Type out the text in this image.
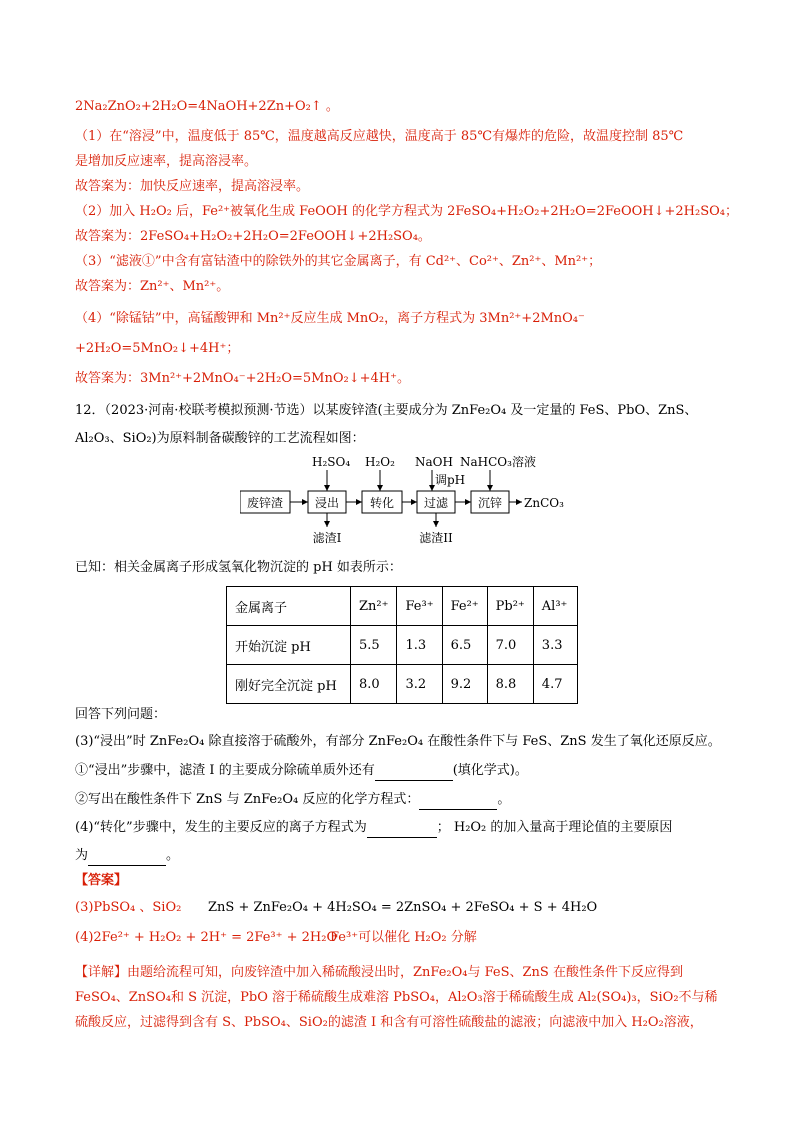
2Na₂ZnO₂+2H₂O=4NaOH+2Zn+O₂↑ 。
（1）在“溶浸”中，温度低于 85℃，温度越高反应越快，温度高于 85℃有爆炸的危险，故温度控制 85℃
是增加反应速率，提高溶浸率。
故答案为：加快反应速率，提高溶浸率。
（2）加入 H₂O₂ 后，Fe²⁺被氧化生成 FeOOH 的化学方程式为 2FeSO₄+H₂O₂+2H₂O=2FeOOH↓+2H₂SO₄；
故答案为：2FeSO₄+H₂O₂+2H₂O=2FeOOH↓+2H₂SO₄。
（3）“滤液①”中含有富钴渣中的除铁外的其它金属离子，有 Cd²⁺、Co²⁺、Zn²⁺、Mn²⁺；
故答案为：Zn²⁺、Mn²⁺。
（4）“除锰钴”中，高锰酸钾和 Mn²⁺反应生成 MnO₂，离子方程式为 3Mn²⁺+2MnO₄⁻
+2H₂O=5MnO₂↓+4H⁺；
故答案为：3Mn²⁺+2MnO₄⁻+2H₂O=5MnO₂↓+4H⁺。
12．（2023·河南·校联考模拟预测·节选）以某废锌渣(主要成分为 ZnFe₂O₄ 及一定量的 FeS、PbO、ZnS、
Al₂O₃、SiO₂)为原料制备碳酸锌的工艺流程如图：
H₂SO₄ H₂O₂ NaOH NaHCO₃溶液
调pH
废锌渣	浸出	转化 过滤 沉锌
滤渣I	滤渣II
ZnCO₃
已知：相关金属离子形成氢氧化物沉淀的 pH 如表所示：
金属离子	Zn²⁺	Fe³⁺	Fe²⁺	Pb²⁺	Al³⁺
开始沉淀 pH	5.5	1.3	6.5	7.0	3.3
刚好完全沉淀 pH	8.0	3.2	9.2	8.8	4.7
回答下列问题：
(3)“浸出”时 ZnFe₂O₄ 除直接溶于硫酸外，有部分 ZnFe₂O₄ 在酸性条件下与 FeS、ZnS 发生了氧化还原反应。
①“浸出”步骤中，滤渣 I 的主要成分除硫单质外还有	(填化学式)。
②写出在酸性条件下 ZnS 与 ZnFe₂O₄ 反应的化学方程式：	。
(4)“转化”步骤中，发生的主要反应的离子方程式为	； H₂O₂ 的加入量高于理论值的主要原因
为	。
【答案】
(3)PbSO₄ 、SiO₂ ZnS + ZnFe₂O₄ + 4H₂SO₄ = 2ZnSO₄ + 2FeSO₄ + S + 4H₂O
(4)2Fe²⁺ + H₂O₂ + 2H⁺ = 2Fe³⁺ + 2H₂O
Fe³⁺可以催化 H₂O₂ 分解
【详解】由题给流程可知，向废锌渣中加入稀硫酸浸出时，ZnFe₂O₄与 FeS、ZnS 在酸性条件下反应得到
FeSO₄、ZnSO₄和 S 沉淀，PbO 溶于稀硫酸生成难溶 PbSO₄，Al₂O₃溶于稀硫酸生成 Al₂(SO₄)₃，SiO₂不与稀
硫酸反应，过滤得到含有 S、PbSO₄、SiO₂的滤渣 I 和含有可溶性硫酸盐的滤液；向滤液中加入 H₂O₂溶液，
